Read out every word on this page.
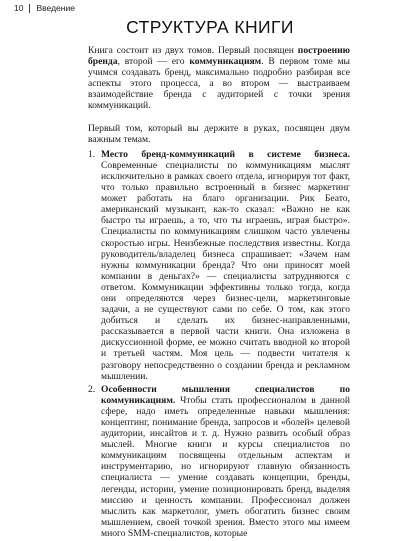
10 Введение
СТРУКТУРА КНИГИ

Книга состоит из двух томов. Первый посвящен построению бренда, второй — его коммуникациям. В первом томе мы учимся создавать бренд, максимально подробно разбирая все аспекты этого процесса, а во втором — выстраиваем взаимодействие бренда с аудиторией с точки зрения коммуникаций.

Первый том, который вы держите в руках, посвящен двум важным темам.

1. Место бренд-коммуникаций в системе бизнеса. Современные специалисты по коммуникациям мыслят исключительно в рамках своего отдела, игнорируя тот факт, что только правильно встроенный в бизнес маркетинг может работать на благо организации. Рик Беато, американский музыкант, как-то сказал: «Важно не как быстро ты играешь, а то, что ты играешь, играя быстро». Специалисты по коммуникациям слишком часто увлечены скоростью игры. Неизбежные последствия известны. Когда руководитель/владелец бизнеса спрашивает: «Зачем нам нужны коммуникации бренда? Что они приносят моей компании в деньгах?» — специалисты затрудняются с ответом. Коммуникации эффективны только тогда, когда они определяются через бизнес-цели, маркетинговые задачи, а не существуют сами по себе. О том, как этого добиться и сделать их бизнес-направленными, рассказывается в первой части книги. Она изложена в дискуссионной форме, ее можно считать вводной ко второй и третьей частям. Моя цель — подвести читателя к разговору непосредственно о создании бренда и рекламном мышлении.
2. Особенности мышления специалистов по коммуникациям. Чтобы стать профессионалом в данной сфере, надо иметь определенные навыки мышления: концептинг, понимание бренда, запросов и «болей» целевой аудитории, инсайтов и т. д. Нужно развить особый образ мыслей. Многие книги и курсы специалистов по коммуникациям посвящены отдельным аспектам и инструментарию, но игнорируют главную обязанность специалиста — умение создавать концепции, бренды, легенды, истории, умение позиционировать бренд, выделяя миссию и ценность компании. Профессионал должен мыслить как маркетолог, уметь обогатить бизнес своим мышлением, своей точкой зрения. Вместо этого мы имеем много SMM-специалистов, которые
